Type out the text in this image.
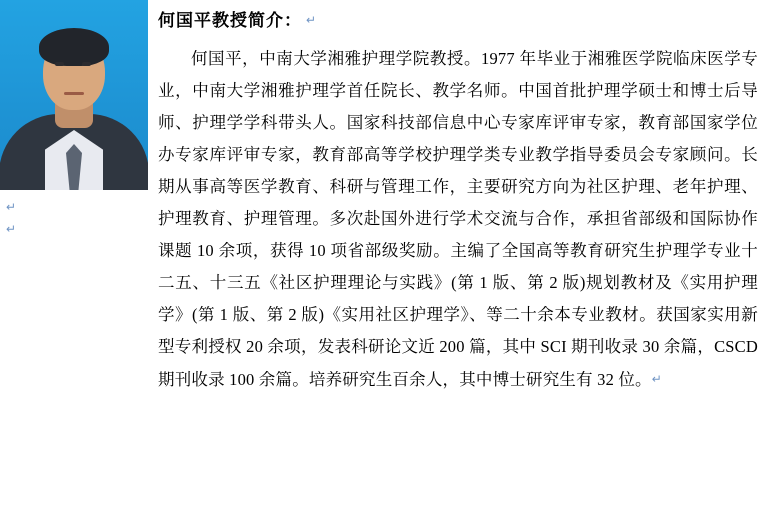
↵
↵
何国平教授简介： ↵

何国平，中南大学湘雅护理学院教授。1977 年毕业于湘雅医学院临床医学专业，中南大学湘雅护理学首任院长、教学名师。中国首批护理学硕士和博士后导师、护理学学科带头人。国家科技部信息中心专家库评审专家，教育部国家学位办专家库评审专家，教育部高等学校护理学类专业教学指导委员会专家顾问。长期从事高等医学教育、科研与管理工作，主要研究方向为社区护理、老年护理、护理教育、护理管理。多次赴国外进行学术交流与合作，承担省部级和国际协作课题 10 余项，获得 10 项省部级奖励。主编了全国高等教育研究生护理学专业十二五、十三五《社区护理理论与实践》(第 1 版、第 2 版)规划教材及《实用护理学》(第 1 版、第 2 版)《实用社区护理学》、等二十余本专业教材。获国家实用新型专利授权 20 余项，发表科研论文近 200 篇，其中 SCI 期刊收录 30 余篇，CSCD 期刊收录 100 余篇。培养研究生百余人，其中博士研究生有 32 位。↵
